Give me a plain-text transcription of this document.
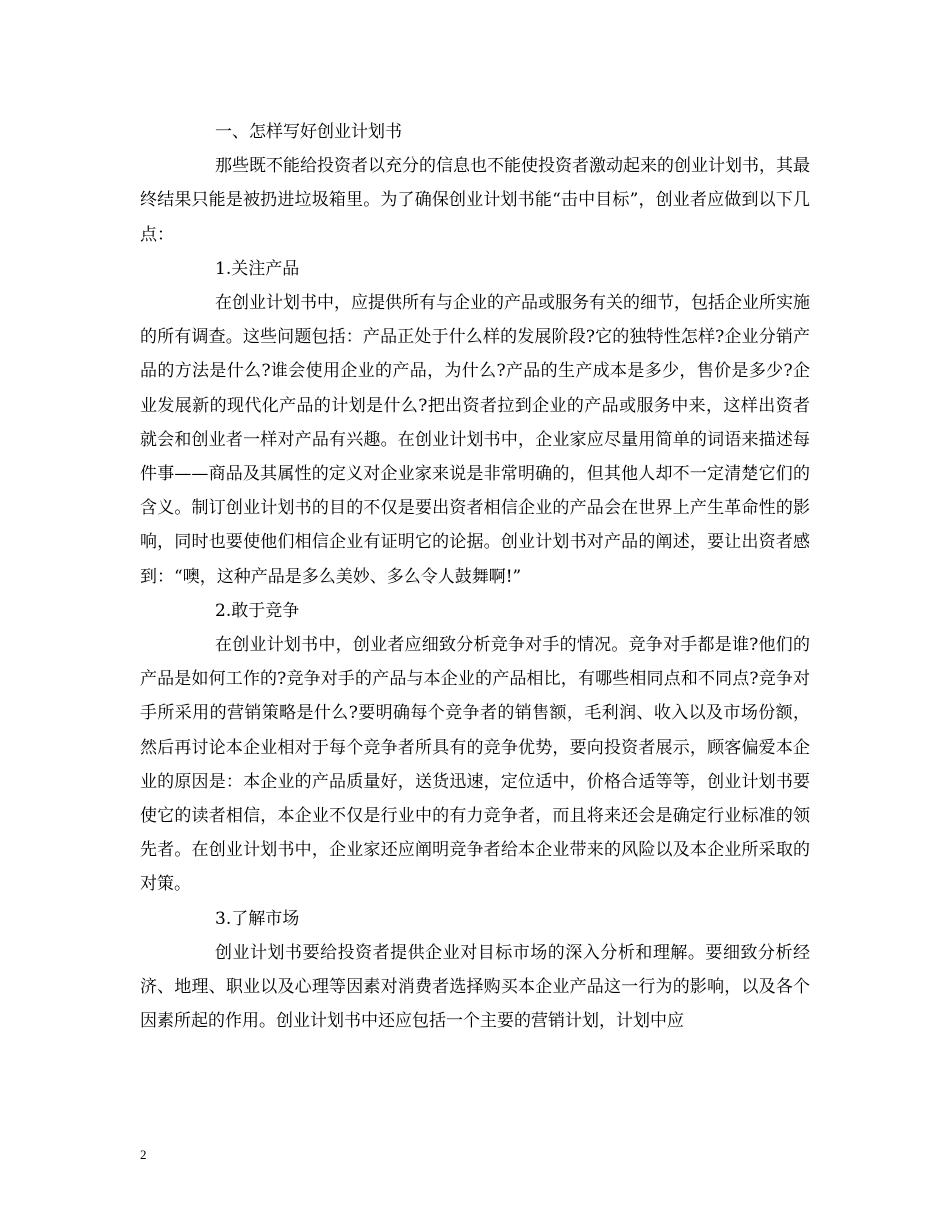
一、怎样写好创业计划书

那些既不能给投资者以充分的信息也不能使投资者激动起来的创业计划书，其最终结果只能是被扔进垃圾箱里。为了确保创业计划书能“击中目标”，创业者应做到以下几点：

1.关注产品

在创业计划书中，应提供所有与企业的产品或服务有关的细节，包括企业所实施的所有调查。这些问题包括：产品正处于什么样的发展阶段?它的独特性怎样?企业分销产品的方法是什么?谁会使用企业的产品，为什么?产品的生产成本是多少，售价是多少?企业发展新的现代化产品的计划是什么?把出资者拉到企业的产品或服务中来，这样出资者就会和创业者一样对产品有兴趣。在创业计划书中，企业家应尽量用简单的词语来描述每件事——商品及其属性的定义对企业家来说是非常明确的，但其他人却不一定清楚它们的含义。制订创业计划书的目的不仅是要出资者相信企业的产品会在世界上产生革命性的影响，同时也要使他们相信企业有证明它的论据。创业计划书对产品的阐述，要让出资者感到：“噢，这种产品是多么美妙、多么令人鼓舞啊!”

2.敢于竞争

在创业计划书中，创业者应细致分析竞争对手的情况。竞争对手都是谁?他们的产品是如何工作的?竞争对手的产品与本企业的产品相比，有哪些相同点和不同点?竞争对手所采用的营销策略是什么?要明确每个竞争者的销售额，毛利润、收入以及市场份额，然后再讨论本企业相对于每个竞争者所具有的竞争优势，要向投资者展示，顾客偏爱本企业的原因是：本企业的产品质量好，送货迅速，定位适中，价格合适等等，创业计划书要使它的读者相信，本企业不仅是行业中的有力竞争者，而且将来还会是确定行业标准的领先者。在创业计划书中，企业家还应阐明竞争者给本企业带来的风险以及本企业所采取的对策。

3.了解市场

创业计划书要给投资者提供企业对目标市场的深入分析和理解。要细致分析经济、地理、职业以及心理等因素对消费者选择购买本企业产品这一行为的影响，以及各个因素所起的作用。创业计划书中还应包括一个主要的营销计划，计划中应

2
